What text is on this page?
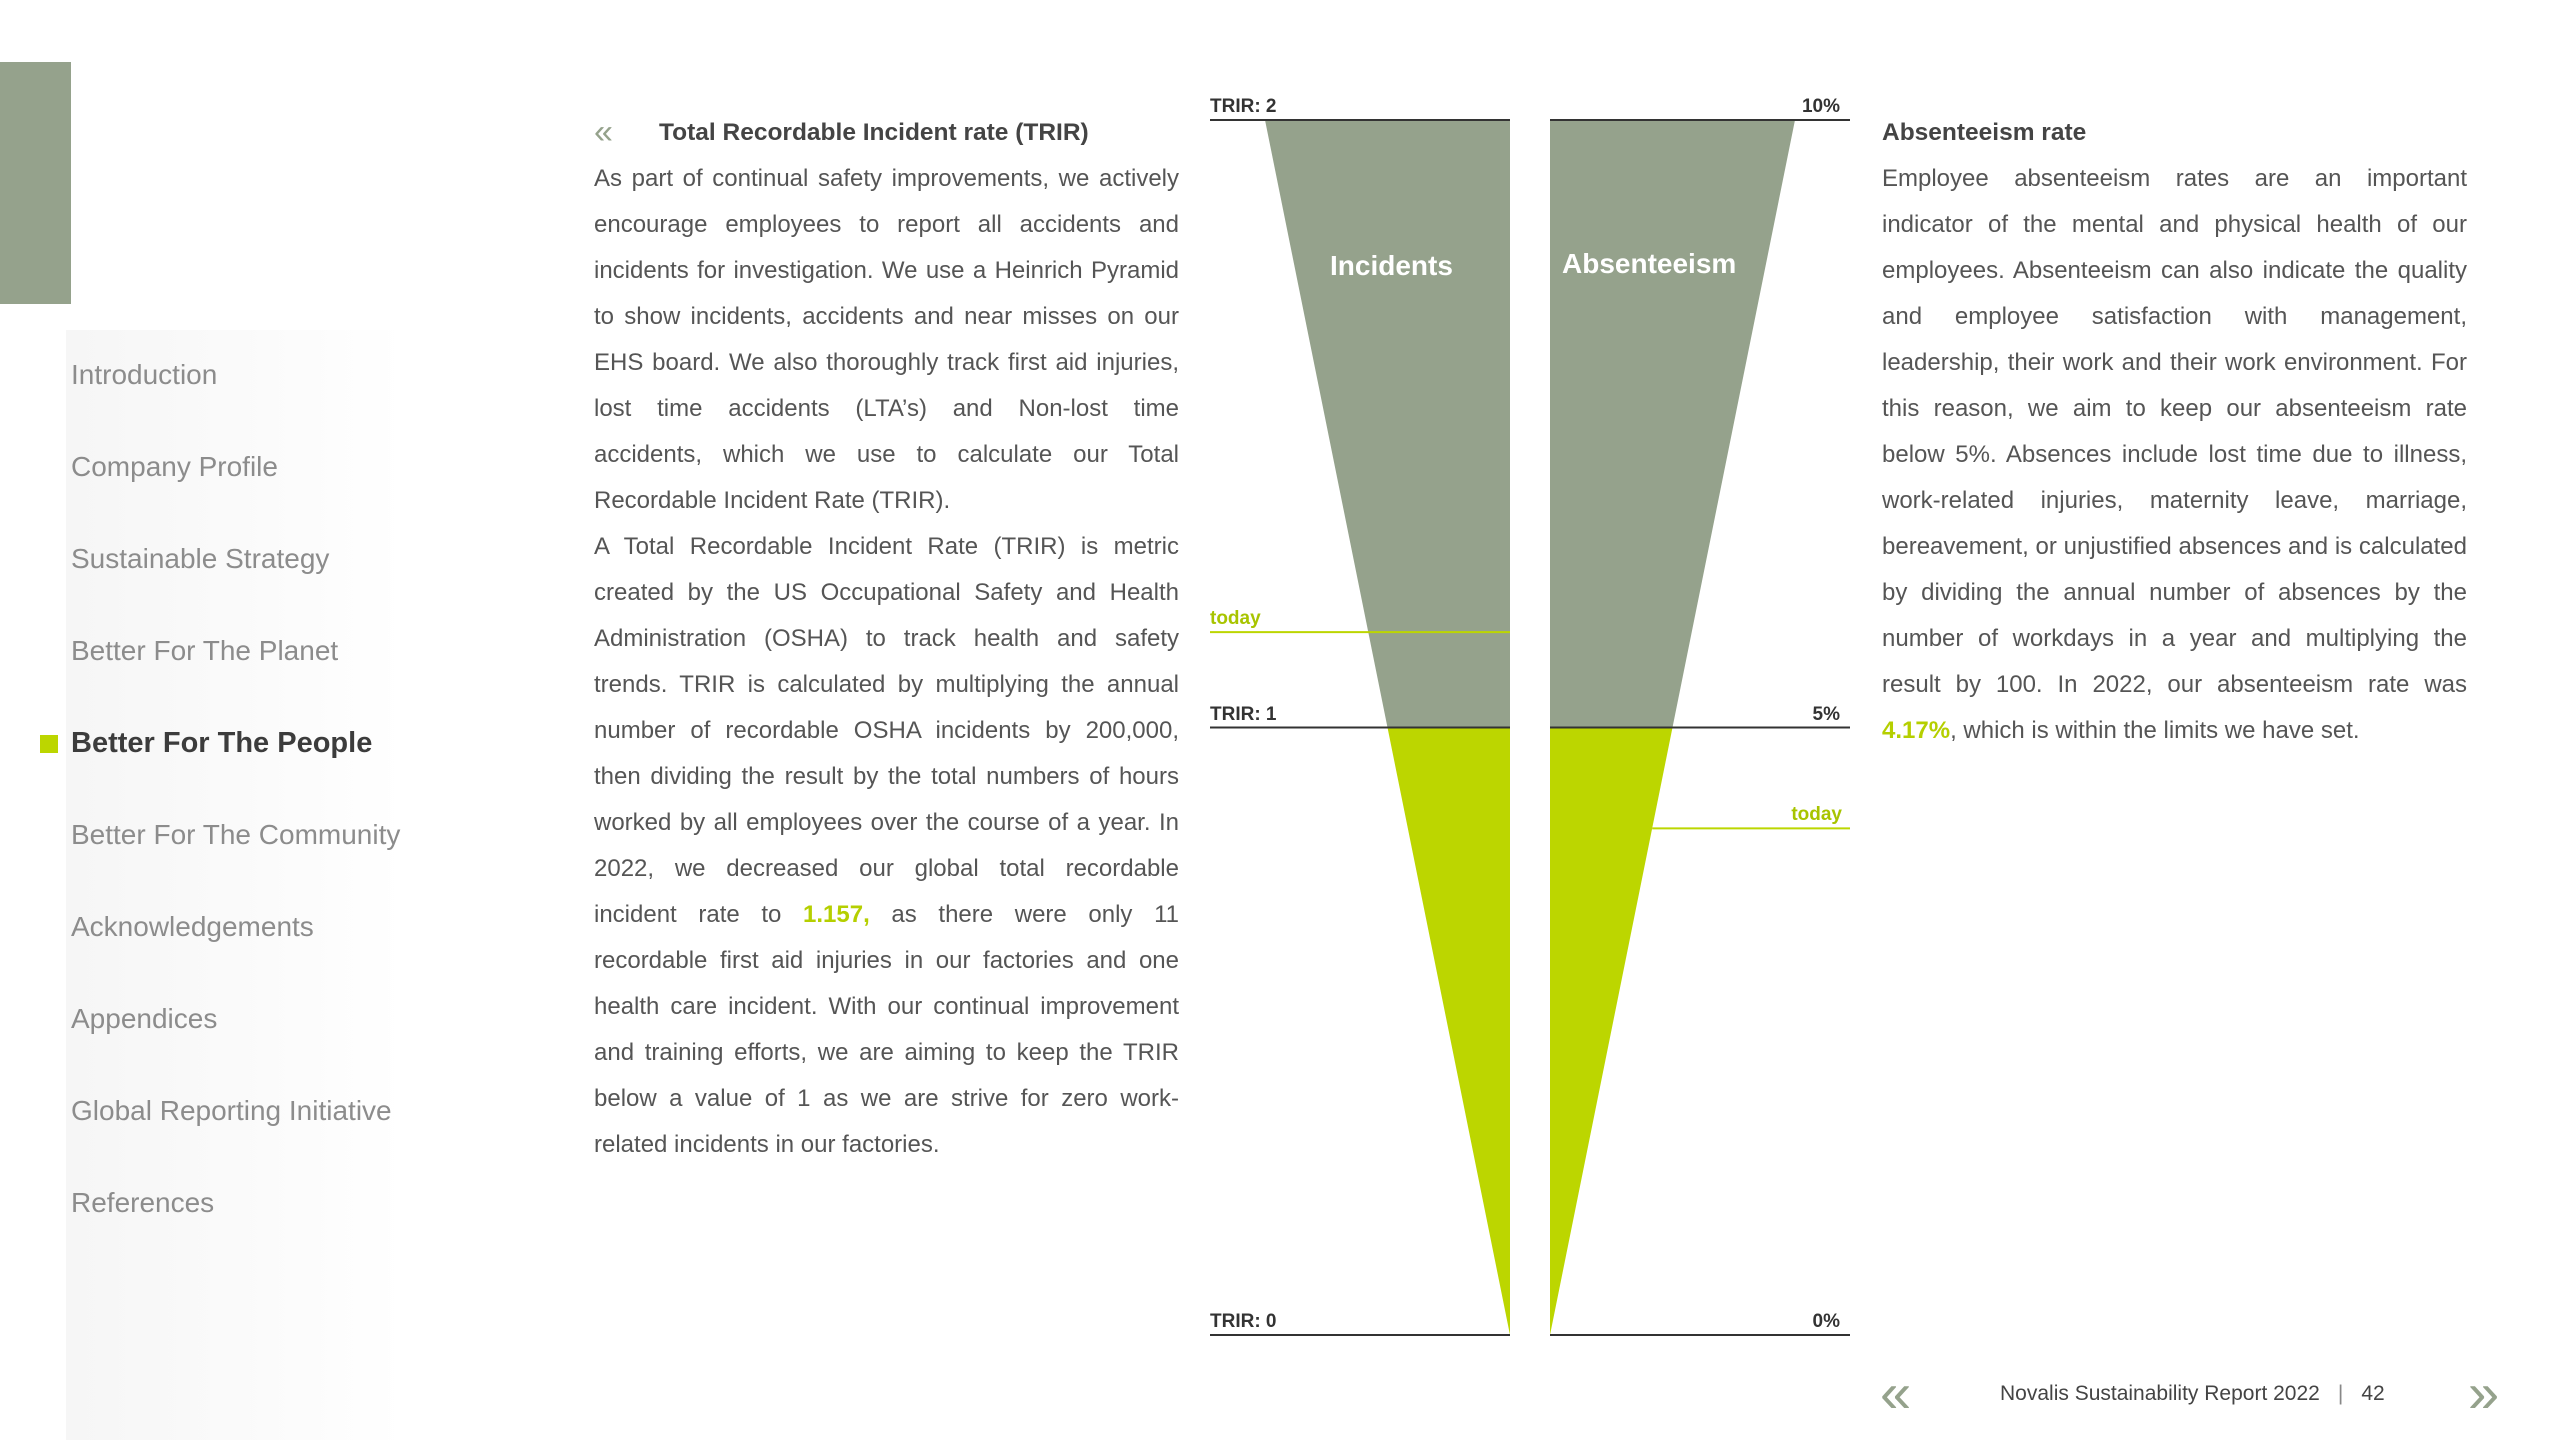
Introduction
Company Profile
Sustainable Strategy
Better For The Planet
Better For The People
Better For The Community
Acknowledgements
Appendices
Global Reporting Initiative
References
«	Total Recordable Incident rate (TRIR)

As part of continual safety improvements, we actively encourage employees to report all accidents and incidents for investigation. We use a Heinrich Pyramid to show incidents, accidents and near misses on our EHS board. We also thoroughly track first aid injuries, lost time accidents (LTA’s) and Non-lost time accidents, which we use to calculate our Total Recordable Incident Rate (TRIR).

A Total Recordable Incident Rate (TRIR) is metric created by the US Occupational Safety and Health Administration (OSHA) to track health and safety trends. TRIR is calculated by multiplying the annual number of recordable OSHA incidents by 200,000, then dividing the result by the total numbers of hours worked by all employees over the course of a year. In 2022, we decreased our global total recordable incident rate to 1.157, as there were only 11 recordable first aid injuries in our factories and one health care incident. With our continual improvement and training efforts, we are aiming to keep the TRIR below a value of 1 as we are strive for zero work-related incidents in our factories.

Absenteeism rate

Employee absenteeism rates are an important indicator of the mental and physical health of our employees. Absenteeism can also indicate the quality and employee satisfaction with management, leadership, their work and their work environment. For this reason, we aim to keep our absenteeism rate below 5%. Absences include lost time due to illness, work-related injuries, maternity leave, marriage, bereavement, or unjustified absences and is calculated by dividing the annual number of absences by the number of workdays in a year and multiplying the result by 100. In 2022, our absenteeism rate was 4.17%, which is within the limits we have set.

TRIR: 2
TRIR: 1
TRIR: 0
10%
5%
0%
today
today
Incidents	Absenteeism
«	Novalis Sustainability Report 2022 | 42 »
